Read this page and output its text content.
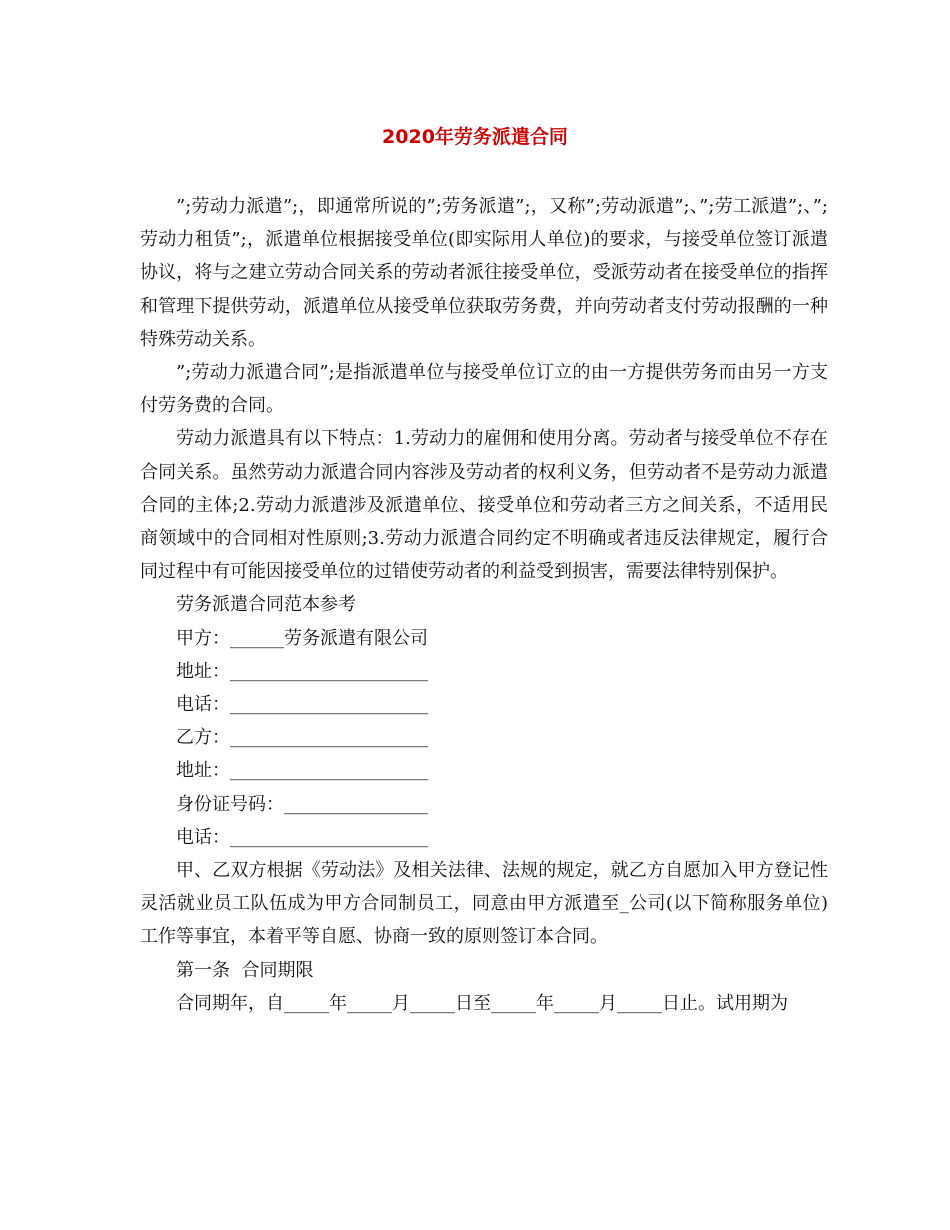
2020年劳务派遣合同

”;劳动力派遣”;，即通常所说的”;劳务派遣”;，又称”;劳动派遣”;、”;劳工派遣”;、”;劳动力租赁”;，派遣单位根据接受单位(即实际用人单位)的要求，与接受单位签订派遣协议，将与之建立劳动合同关系的劳动者派往接受单位，受派劳动者在接受单位的指挥和管理下提供劳动，派遣单位从接受单位获取劳务费，并向劳动者支付劳动报酬的一种特殊劳动关系。

”;劳动力派遣合同”;是指派遣单位与接受单位订立的由一方提供劳务而由另一方支付劳务费的合同。

劳动力派遣具有以下特点：1.劳动力的雇佣和使用分离。劳动者与接受单位不存在合同关系。虽然劳动力派遣合同内容涉及劳动者的权利义务，但劳动者不是劳动力派遣合同的主体;2.劳动力派遣涉及派遣单位、接受单位和劳动者三方之间关系，不适用民商领域中的合同相对性原则;3.劳动力派遣合同约定不明确或者违反法律规定，履行合同过程中有可能因接受单位的过错使劳动者的利益受到损害，需要法律特别保护。

劳务派遣合同范本参考

甲方：______劳务派遣有限公司

地址：______________________

电话：______________________

乙方：______________________

地址：______________________

身份证号码：________________

电话：______________________

甲、乙双方根据《劳动法》及相关法律、法规的规定，就乙方自愿加入甲方登记性灵活就业员工队伍成为甲方合同制员工，同意由甲方派遣至_公司(以下简称服务单位)工作等事宜，本着平等自愿、协商一致的原则签订本合同。

第一条  合同期限

合同期年，自_____年_____月_____日至_____年_____月_____日止。试用期为
